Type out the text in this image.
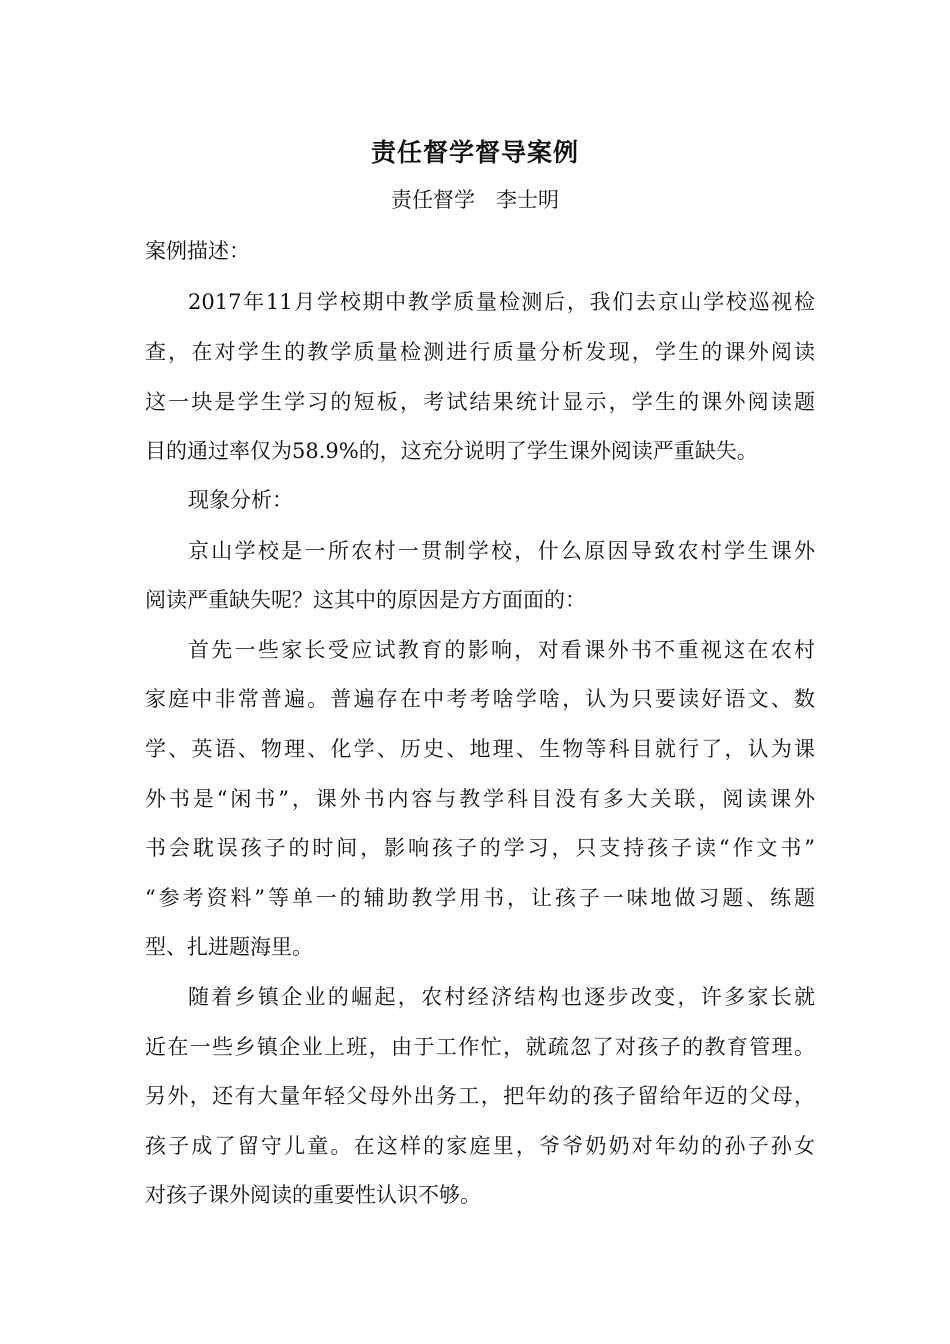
责任督学督导案例
责任督学　李士明
案例描述：
2017年11月学校期中教学质量检测后，我们去京山学校巡视检
查，在对学生的教学质量检测进行质量分析发现，学生的课外阅读
这一块是学生学习的短板，考试结果统计显示，学生的课外阅读题
目的通过率仅为58.9%的，这充分说明了学生课外阅读严重缺失。
现象分析：
京山学校是一所农村一贯制学校，什么原因导致农村学生课外
阅读严重缺失呢？这其中的原因是方方面面的：
首先一些家长受应试教育的影响，对看课外书不重视这在农村
家庭中非常普遍。普遍存在中考考啥学啥，认为只要读好语文、数
学、英语、物理、化学、历史、地理、生物等科目就行了，认为课
外书是“闲书”，课外书内容与教学科目没有多大关联，阅读课外
书会耽误孩子的时间，影响孩子的学习，只支持孩子读“作文书”
“参考资料”等单一的辅助教学用书，让孩子一味地做习题、练题
型、扎进题海里。
随着乡镇企业的崛起，农村经济结构也逐步改变，许多家长就
近在一些乡镇企业上班，由于工作忙，就疏忽了对孩子的教育管理。
另外，还有大量年轻父母外出务工，把年幼的孩子留给年迈的父母，
孩子成了留守儿童。在这样的家庭里，爷爷奶奶对年幼的孙子孙女
对孩子课外阅读的重要性认识不够。
